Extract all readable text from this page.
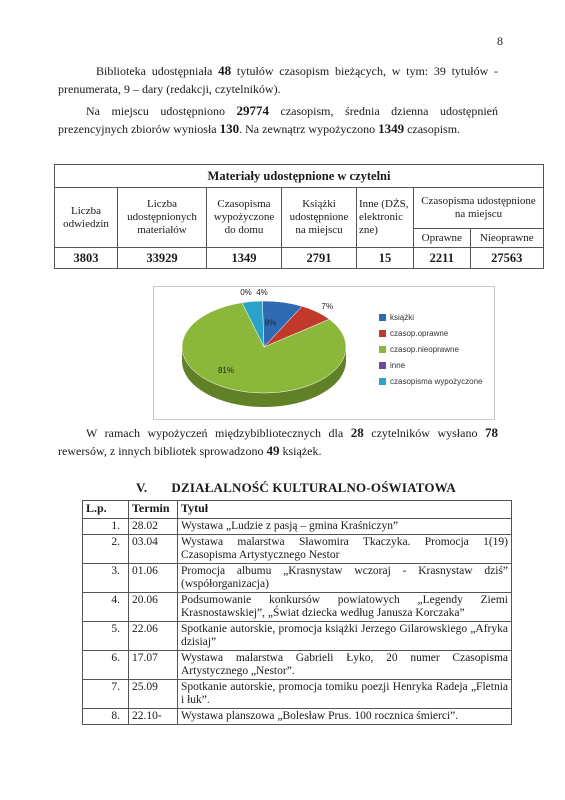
8

Biblioteka udostępniała 48 tytułów czasopism bieżących, w tym: 39 tytułów - prenumerata, 9 – dary (redakcji, czytelników).

Na miejscu udostępniono 29774 czasopism, średnia dzienna udostępnień prezencyjnych zbiorów wyniosła 130. Na zewnątrz wypożyczono 1349 czasopism.

Materiały udostępnione w czytelni						
Liczba odwiedzin	Liczba udostępnionych materiałów	Czasopisma wypożyczone do domu	Książki udostępnione na miejscu	Inne (DŻS, elektronic zne)	Czasopisma udostępnione na miejscu	
					Oprawne	Nieoprawne
3803	33929	1349	2791	15	2211	27563
8%
7%
81%
0% 4%
książki
czasop.oprawne
czasop.nieoprawne
inne
czasopisma wypożyczone

W ramach wypożyczeń międzybibliotecznych dla 28 czytelników wysłano 78 rewersów, z innych bibliotek sprowadzono 49 książek.

V. DZIAŁALNOŚĆ KULTURALNO-OŚWIATOWA
L.p.	Termin	Tytuł
1.	28.02	Wystawa „Ludzie z pasją – gmina Kraśniczyn”
2.	03.04	Wystawa malarstwa Sławomira Tkaczyka. Promocja 1(19) Czasopisma Artystycznego Nestor
3.	01.06	Promocja albumu „Krasnystaw wczoraj - Krasnystaw dziś” (współorganizacja)
4.	20.06	Podsumowanie konkursów powiatowych „Legendy Ziemi Krasnostawskiej”, „Świat dziecka według Janusza Korczaka”
5.	22.06	Spotkanie autorskie, promocja książki Jerzego Gilarowskiego „Afryka dzisiaj”
6.	17.07	Wystawa malarstwa Gabrieli Łyko, 20 numer Czasopisma Artystycznego „Nestor”.
7.	25.09	Spotkanie autorskie, promocja tomiku poezji Henryka Radeja „Fletnia i łuk”.
8.	22.10-	Wystawa planszowa „Bolesław Prus. 100 rocznica śmierci”.
